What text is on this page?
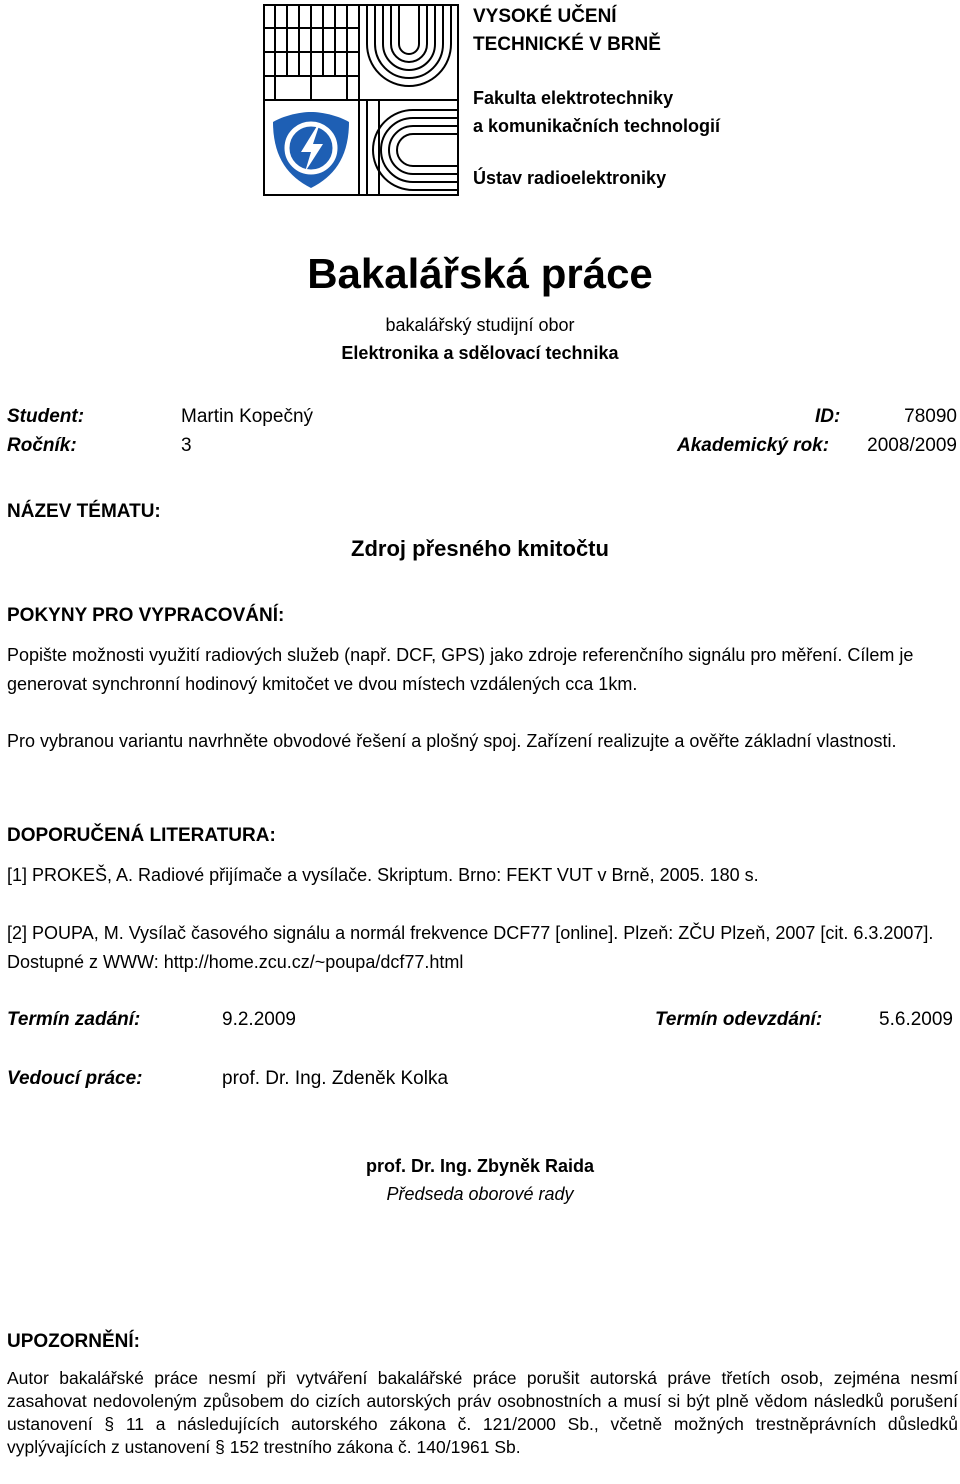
VYSOKÉ UČENÍ
TECHNICKÉ V BRNĚ
Fakulta elektrotechniky
a komunikačních technologií
Ústav radioelektroniky
Bakalářská práce
bakalářský studijní obor
Elektronika a sdělovací technika
Student:	Martin Kopečný	ID:	78090
Ročník:	3	Akademický rok:	2008/2009
NÁZEV TÉMATU:
Zdroj přesného kmitočtu
POKYNY PRO VYPRACOVÁNÍ:
Popište možnosti využití radiových služeb (např. DCF, GPS) jako zdroje referenčního signálu pro měření. Cílem je generovat synchronní hodinový kmitočet ve dvou místech vzdálených cca 1km.
Pro vybranou variantu navrhněte obvodové řešení a plošný spoj. Zařízení realizujte a ověřte základní vlastnosti.
DOPORUČENÁ LITERATURA:
[1] PROKEŠ, A. Radiové přijímače a vysílače. Skriptum. Brno: FEKT VUT v Brně, 2005. 180 s.
[2] POUPA, M. Vysílač časového signálu a normál frekvence DCF77 [online]. Plzeň: ZČU Plzeň, 2007 [cit. 6.3.2007]. Dostupné z WWW: http://home.zcu.cz/~poupa/dcf77.html
Termín zadání:	9.2.2009	Termín odevzdání:	5.6.2009
Vedoucí práce:	prof. Dr. Ing. Zdeněk Kolka
prof. Dr. Ing. Zbyněk Raida
Předseda oborové rady
UPOZORNĚNÍ:
Autor bakalářské práce nesmí při vytváření bakalářské práce porušit autorská práve třetích osob, zejména nesmí zasahovat nedovoleným způsobem do cizích autorských práv osobnostních a musí si být plně vědom následků porušení ustanovení § 11 a následujících autorského zákona č. 121/2000 Sb., včetně možných trestněprávních důsledků vyplývajících z ustanovení § 152 trestního zákona č. 140/1961 Sb.
